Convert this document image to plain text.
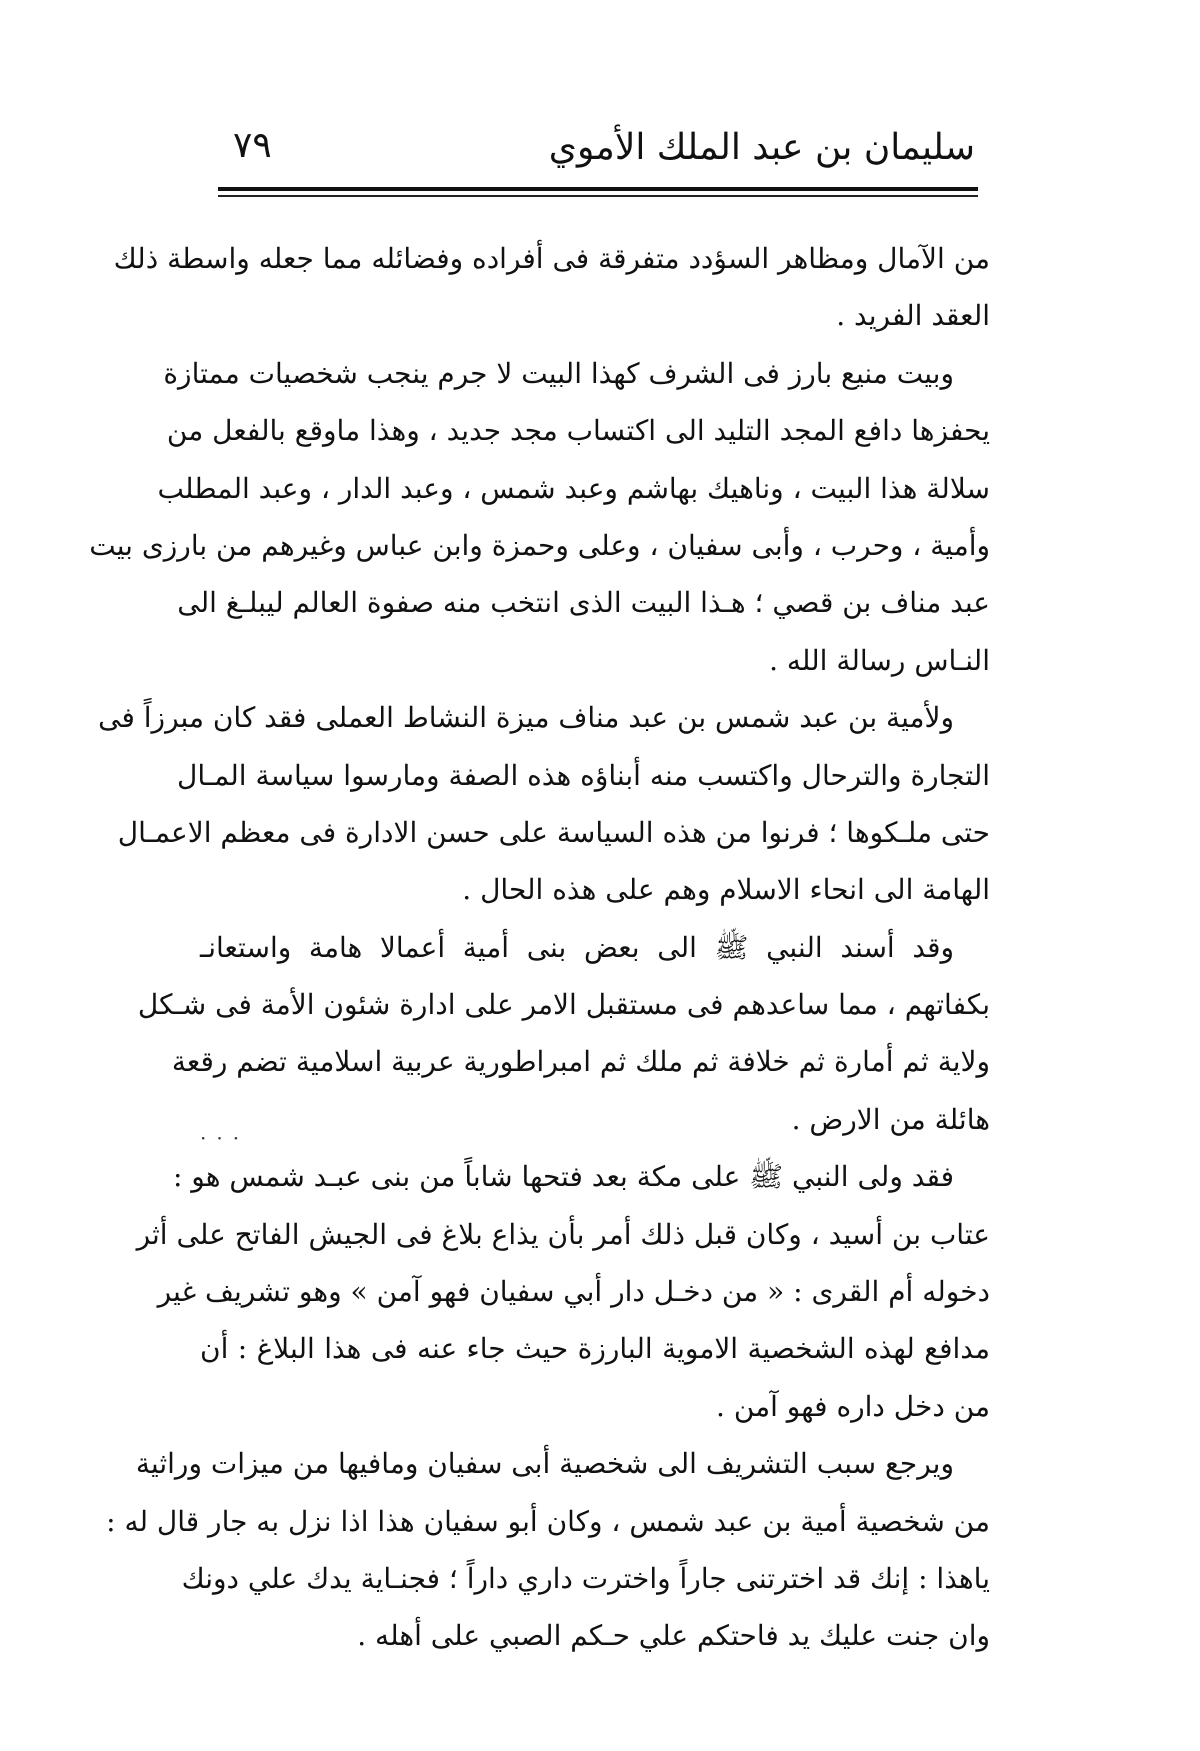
سليمان بن عبد الملك الأموي
٧٩
من الآمال ومظاهر السؤدد متفرقة فى أفراده وفضائله مما جعله واسطة ذلك
العقد الفريد .
وبيت منيع بارز فى الشرف كهذا البيت لا جرم ينجب شخصيات ممتازة
يحفزها دافع المجد التليد الى اكتساب مجد جديد ، وهذا ماوقع بالفعل من
سلالة هذا البيت ، وناهيك بهاشم وعبد شمس ، وعبد الدار ، وعبد المطلب
وأمية ، وحرب ، وأبى سفيان ، وعلى وحمزة وابن عباس وغيرهم من بارزى بيت
عبد مناف بن قصي ؛ هـذا البيت الذى انتخب منه صفوة العالم ليبلـغ الى
النـاس رسالة الله .
ولأمية بن عبد شمس بن عبد مناف ميزة النشاط العملى فقد كان مبرزاً فى
التجارة والترحال واكتسب منه أبناؤه هذه الصفة ومارسوا سياسة المـال
حتى ملـكوها ؛ فرنوا من هذه السياسة على حسن الادارة فى معظم الاعمـال
الهامة الى انحاء الاسلام وهم على هذه الحال .
وقد أسند النبي ﷺ الى بعض بنى أمية أعمالا هامة واستعانـ
بكفاتهم ، مما ساعدهم فى مستقبل الامر على ادارة شئون الأمة فى شـكل
ولاية ثم أمارة ثم خلافة ثم ملك ثم امبراطورية عربية اسلامية تضم رقعة
هائلة من الارض .
فقد ولى النبي ﷺ على مكة بعد فتحها شاباً من بنى عبـد شمس هو :
عتاب بن أسيد ، وكان قبل ذلك أمر بأن يذاع بلاغ فى الجيش الفاتح على أثر
دخوله أم القرى : « من دخـل دار أبي سفيان فهو آمن » وهو تشريف غير
مدافع لهذه الشخصية الاموية البارزة حيث جاء عنه فى هذا البلاغ : أن
من دخل داره فهو آمن .
ويرجع سبب التشريف الى شخصية أبى سفيان ومافيها من ميزات وراثية
من شخصية أمية بن عبد شمس ، وكان أبو سفيان هذا اذا نزل به جار قال له :
ياهذا : إنك قد اخترتنى جاراً واخترت داري داراً ؛ فجنـاية يدك علي دونك
وان جنت عليك يد فاحتكم علي حـكم الصبي على أهله .
···
